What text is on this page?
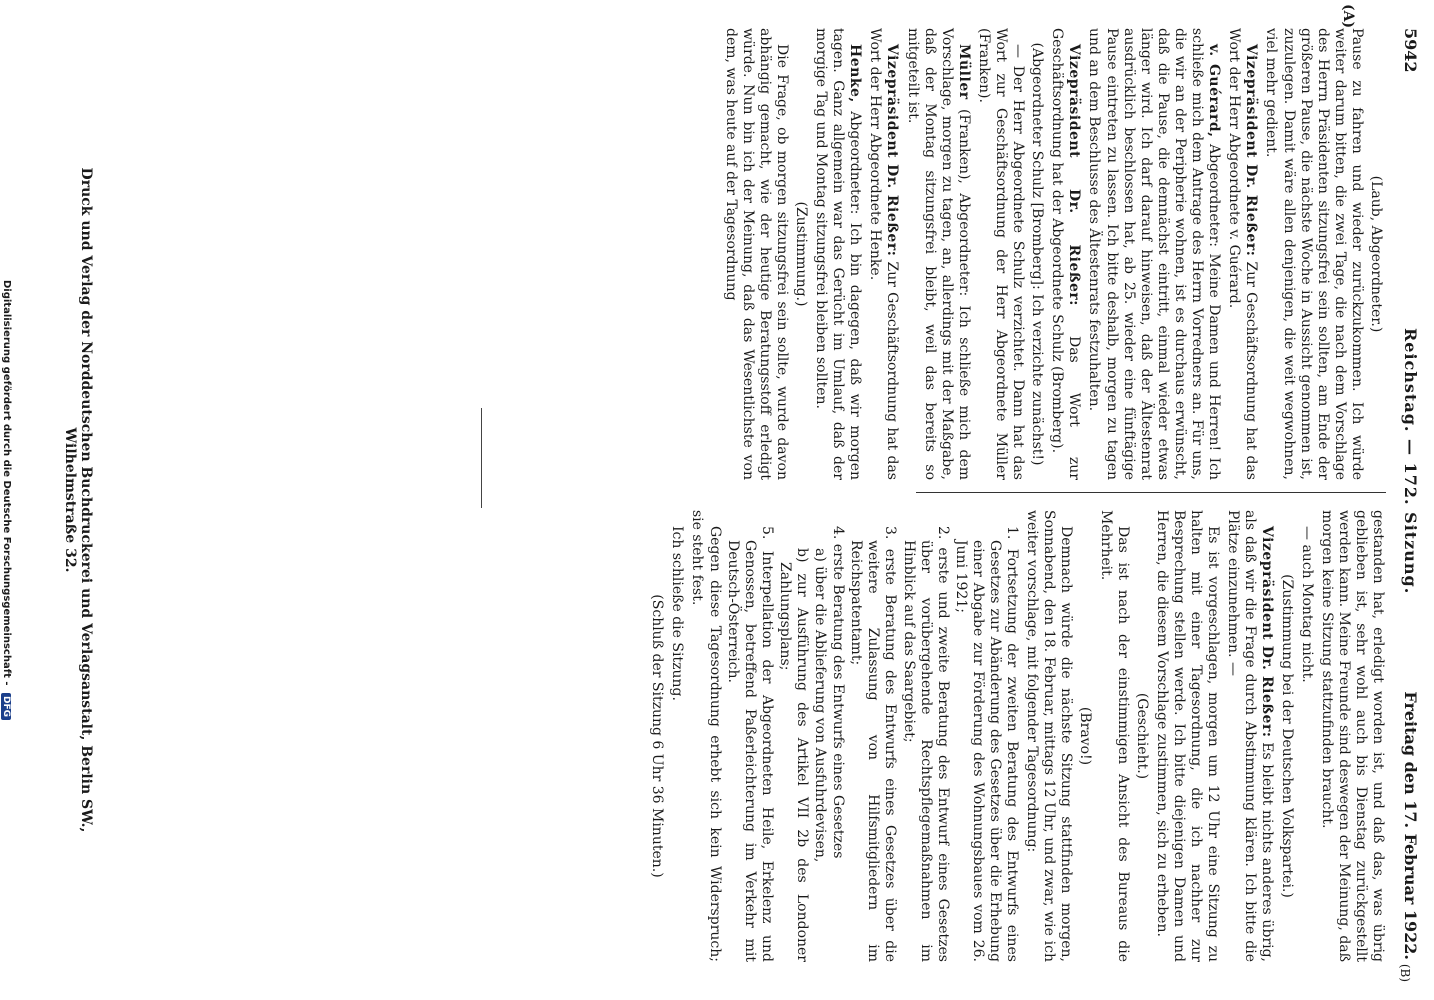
5942
Reichstag. — 172. Sitzung.
Freitag den 17. Februar 1922.
(B)
(A)

(Laub, Abgeordneter.)

Pause zu fahren und wieder zurückzukommen. Ich würde weiter darum bitten, die zwei Tage, die nach dem Vorschlage des Herrn Präsidenten sitzungsfrei sein sollten, am Ende der größeren Pause, die nächste Woche in Aussicht genommen ist, zuzulegen. Damit wäre allen denjenigen, die weit wegwohnen, viel mehr gedient.

Vizepräsident Dr. Rießer: Zur Geschäftsordnung hat das Wort der Herr Abgeordnete v. Guérard.

v. Guérard, Abgeordneter: Meine Damen und Herren! Ich schließe mich dem Antrage des Herrn Vorredners an. Für uns, die wir an der Peripherie wohnen, ist es durchaus erwünscht, daß die Pause, die demnächst eintritt, einmal wieder etwas länger wird. Ich darf darauf hinweisen, daß der Ältestenrat ausdrücklich beschlossen hat, ab 25. wieder eine fünftägige Pause eintreten zu lassen. Ich bitte deshalb, morgen zu tagen und an dem Beschlusse des Ältestenrats festzuhalten.

Vizepräsident Dr. Rießer: Das Wort zur Geschäftsordnung hat der Abgeordnete Schulz (Bromberg).

(Abgeordneter Schulz [Bromberg]: Ich verzichte zunächst!)

— Der Herr Abgeordnete Schulz verzichtet. Dann hat das Wort zur Geschäftsordnung der Herr Abgeordnete Müller (Franken).

Müller (Franken), Abgeordneter: Ich schließe mich dem Vorschlage, morgen zu tagen, an, allerdings mit der Maßgabe, daß der Montag sitzungsfrei bleibt, weil das bereits so mitgeteilt ist.

Vizepräsident Dr. Rießer: Zur Geschäftsordnung hat das Wort der Herr Abgeordnete Henke.

Henke, Abgeordneter: Ich bin dagegen, daß wir morgen tagen. Ganz allgemein war das Gerücht im Umlauf, daß der morgige Tag und Montag sitzungsfrei bleiben sollten.

(Zustimmung.)

Die Frage, ob morgen sitzungsfrei sein sollte, wurde davon abhängig gemacht, wie der heutige Beratungsstoff erledigt würde. Nun bin ich der Meinung, daß das Wesentlichste von dem, was heute auf der Tagesordnung

gestanden hat, erledigt worden ist, und daß das, was übrig geblieben ist, sehr wohl auch bis Dienstag zurückgestellt werden kann. Meine Freunde sind deswegen der Meinung, daß morgen keine Sitzung stattzufinden braucht.

— auch Montag nicht.

(Zustimmung bei der Deutschen Volkspartei.)

Vizepräsident Dr. Rießer: Es bleibt nichts anderes übrig, als daß wir die Frage durch Abstimmung klären. Ich bitte die Plätze einzunehmen. —

Es ist vorgeschlagen, morgen um 12 Uhr eine Sitzung zu halten mit einer Tagesordnung, die ich nachher zur Besprechung stellen werde. Ich bitte diejenigen Damen und Herren, die diesem Vorschlage zustimmen, sich zu erheben.

(Geschieht.)

Das ist nach der einstimmigen Ansicht des Bureaus die Mehrheit.

(Bravo!)

Demnach würde die nächste Sitzung stattfinden morgen, Sonnabend, den 18. Februar, mittags 12 Uhr, und zwar, wie ich weiter vorschlage, mit folgender Tagesordnung:

1. Fortsetzung der zweiten Beratung des Entwurfs eines Gesetzes zur Abänderung des Gesetzes über die Erhebung einer Abgabe zur Förderung des Wohnungsbaues vom 26. Juni 1921;

2. erste und zweite Beratung des Entwurf eines Gesetzes über vorübergehende Rechtspflegemaßnahmen im Hinblick auf das Saargebiet;

3. erste Beratung des Entwurfs eines Gesetzes über die weitere Zulassung von Hilfsmitgliedern im Reichspatentamt;

4. erste Beratung des Entwurfs eines Gesetzes

a) über die Ablieferung von Ausfuhrdevisen,

b) zur Ausführung des Artikel VII 2b des Londoner Zahlungsplans;

5. Interpellation der Abgeordneten Heile, Erkelenz und Genossen, betreffend Paßerleichterung im Verkehr mit Deutsch-Österreich.

Gegen diese Tagesordnung erhebt sich kein Widerspruch; sie steht fest.

Ich schließe die Sitzung.

(Schluß der Sitzung 6 Uhr 36 Minuten.)

Druck und Verlag der Norddeutschen Buchdruckerei und Verlagsanstalt, Berlin SW., Wilhelmstraße 32.
Digitalisierung gefördert durch die Deutsche Forschungsgemeinschaft - DFG
